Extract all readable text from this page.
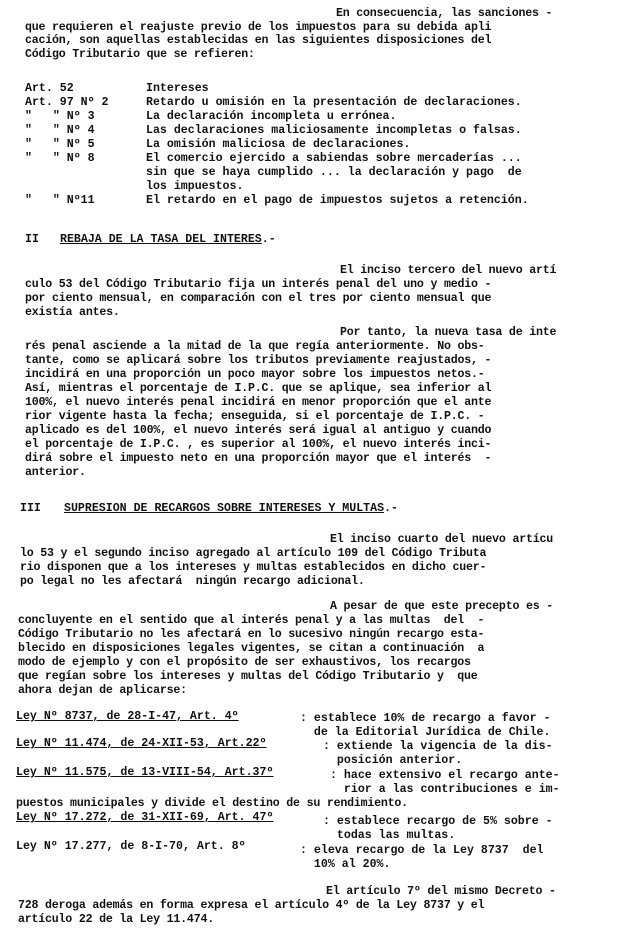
En consecuencia, las sanciones -
que requieren el reajuste previo de los impuestos para su debida apli
cación, son aquellas establecidas en las siguientes disposiciones del
Código Tributario que se refieren:
Art. 52	Intereses
Art. 97 Nº 2	Retardo u omisión en la presentación de declaraciones.
"   " Nº 3	La declaración incompleta u errónea.
"   " Nº 4	Las declaraciones maliciosamente incompletas o falsas.
"   " Nº 5	La omisión maliciosa de declaraciones.
"   " Nº 8	El comercio ejercido a sabiendas sobre mercaderías ...
sin que se haya cumplido ... la declaración y pago  de
los impuestos.
"   " Nº11	El retardo en el pago de impuestos sujetos a retención.
II REBAJA DE LA TASA DEL INTERES.-
El inciso tercero del nuevo artí
culo 53 del Código Tributario fija un interés penal del uno y medio -
por ciento mensual, en comparación con el tres por ciento mensual que
existía antes.
Por tanto, la nueva tasa de inte
rés penal asciende a la mitad de la que regía anteriormente. No obs-
tante, como se aplicará sobre los tributos previamente reajustados, -
incidirá en una proporción un poco mayor sobre los impuestos netos.-
Así, mientras el porcentaje de I.P.C. que se aplique, sea inferior al
100%, el nuevo interés penal incidirá en menor proporción que el ante
rior vigente hasta la fecha; enseguida, si el porcentaje de I.P.C. -
aplicado es del 100%, el nuevo interés será igual al antiguo y cuando
el porcentaje de I.P.C. , es superior al 100%, el nuevo interés inci-
dirá sobre el impuesto neto en una proporción mayor que el interés  -
anterior.
III SUPRESION DE RECARGOS SOBRE INTERESES Y MULTAS.-
El inciso cuarto del nuevo artícu
lo 53 y el segundo inciso agregado al artículo 109 del Código Tributa
rio disponen que a los intereses y multas establecidos en dicho cuer-
po legal no les afectará  ningún recargo adicional.
A pesar de que este precepto es -
concluyente en el sentido que al interés penal y a las multas  del  -
Código Tributario no les afectará en lo sucesivo ningún recargo esta-
blecido en disposiciones legales vigentes, se citan a continuación  a
modo de ejemplo y con el propósito de ser exhaustivos, los recargos
que regían sobre los intereses y multas del Código Tributario y  que
ahora dejan de aplicarse:
Ley Nº 8737, de 28-I-47, Art. 4º	: establece 10% de recargo a favor -
de la Editorial Jurídica de Chile.
Ley Nº 11.474, de 24-XII-53, Art.22º	: extiende la vigencia de la dis-
posición anterior.
Ley Nº 11.575, de 13-VIII-54, Art.37º	: hace extensivo el recargo ante-
rior a las contribuciones e im-
puestos municipales y divide el destino de su rendimiento.
Ley Nº 17.272, de 31-XII-69, Art. 47º	: establece recargo de 5% sobre -
todas las multas.
Ley Nº 17.277, de 8-I-70, Art. 8º	: eleva recargo de la Ley 8737  del
10% al 20%.
El artículo 7º del mismo Decreto -
728 deroga además en forma expresa el artículo 4º de la Ley 8737 y el
artículo 22 de la Ley 11.474.
